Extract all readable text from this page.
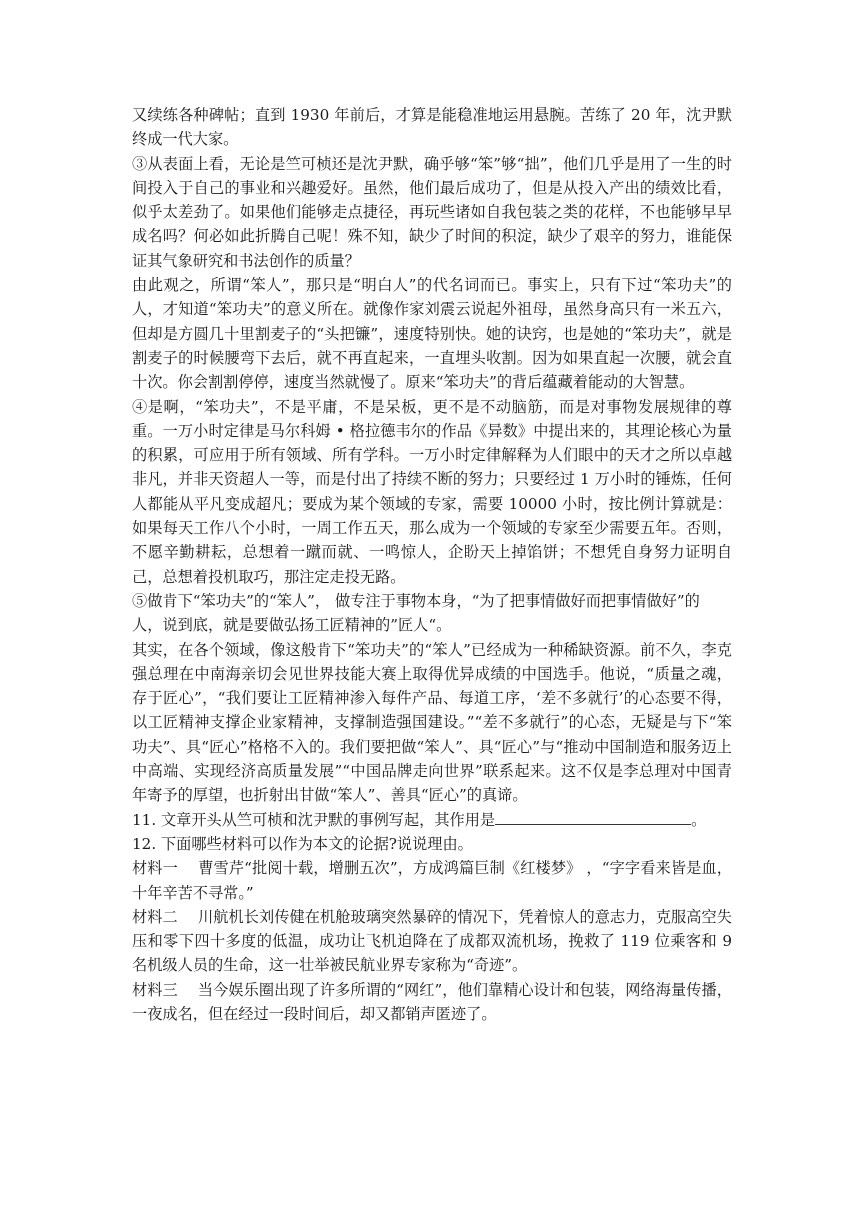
又续练各种碑帖；直到 1930 年前后，才算是能稳准地运用悬腕。苦练了 20 年，沈尹默终成一代大家。

③从表面上看，无论是竺可桢还是沈尹默，确乎够“笨”够“拙”，他们几乎是用了一生的时间投入于自己的事业和兴趣爱好。虽然，他们最后成功了，但是从投入产出的绩效比看，似乎太差劲了。如果他们能够走点捷径，再玩些诸如自我包装之类的花样，不也能够早早成名吗？何必如此折腾自己呢！殊不知，缺少了时间的积淀，缺少了艰辛的努力，谁能保证其气象研究和书法创作的质量？

由此观之，所谓“笨人”，那只是“明白人”的代名词而已。事实上，只有下过“笨功夫”的人，才知道“笨功夫”的意义所在。就像作家刘震云说起外祖母，虽然身高只有一米五六，但却是方圆几十里割麦子的“头把镰”，速度特别快。她的诀窍，也是她的“笨功夫”，就是割麦子的时候腰弯下去后，就不再直起来，一直埋头收割。因为如果直起一次腰，就会直十次。你会割割停停，速度当然就慢了。原来“笨功夫”的背后蕴藏着能动的大智慧。

④是啊，“笨功夫”，不是平庸，不是呆板，更不是不动脑筋，而是对事物发展规律的尊重。一万小时定律是马尔科姆 • 格拉德韦尔的作品《异数》中提出来的，其理论核心为量的积累，可应用于所有领域、所有学科。一万小时定律解释为人们眼中的天才之所以卓越非凡，并非天资超人一等，而是付出了持续不断的努力；只要经过 1 万小时的锤炼，任何人都能从平凡变成超凡；要成为某个领域的专家，需要 10000 小时，按比例计算就是：如果每天工作八个小时，一周工作五天，那么成为一个领域的专家至少需要五年。否则，不愿辛勤耕耘，总想着一蹴而就、一鸣惊人，企盼天上掉馅饼；不想凭自身努力证明自己，总想着投机取巧，那注定走投无路。

⑤做肯下“笨功夫”的“笨人”， 做专注于事物本身，“为了把事情做好而把事情做好”的人，说到底，就是要做弘扬工匠精神的”匠人“。

其实，在各个领域，像这般肯下“笨功夫”的“笨人”已经成为一种稀缺资源。前不久，李克强总理在中南海亲切会见世界技能大赛上取得优异成绩的中国选手。他说，“质量之魂，存于匠心”，“我们要让工匠精神渗入每件产品、每道工序，‘差不多就行’的心态要不得，以工匠精神支撑企业家精神，支撑制造强国建设。”“差不多就行”的心态，无疑是与下“笨功夫”、具“匠心”格格不入的。我们要把做“笨人”、具“匠心”与“推动中国制造和服务迈上中高端、实现经济高质量发展”“中国品牌走向世界”联系起来。这不仅是李总理对中国青年寄予的厚望，也折射出甘做“笨人”、善具“匠心”的真谛。

11. 文章开头从竺可桢和沈尹默的事例写起，其作用是	。

12. 下面哪些材料可以作为本文的论据?说说理由。

材料一　 曹雪芹“批阅十载，增删五次”，方成鸿篇巨制《红楼梦》 ，“字字看来皆是血，十年辛苦不寻常。”

材料二　 川航机长刘传健在机舱玻璃突然暴碎的情况下，凭着惊人的意志力，克服高空失压和零下四十多度的低温，成功让飞机迫降在了成都双流机场，挽救了 119 位乘客和 9 名机级人员的生命，这一壮举被民航业界专家称为“奇迹”。

材料三　 当今娱乐圈出现了许多所谓的“网红”，他们靠精心设计和包装，网络海量传播，一夜成名，但在经过一段时间后，却又都销声匿迹了。
